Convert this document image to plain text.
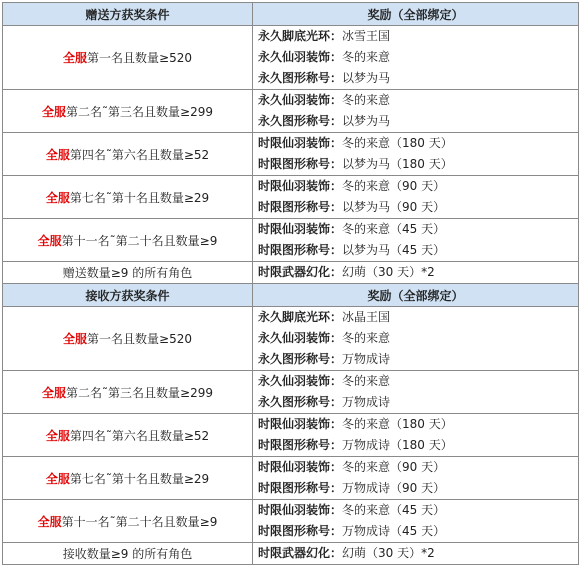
赠送方获奖条件	奖励（全部绑定）
全服第一名且数量≥520	永久脚底光环：冰雪王国
永久仙羽装饰：冬的来意
永久图形称号：以梦为马

全服第二名˜第三名且数量≥299	永久仙羽装饰：冬的来意
永久图形称号：以梦为马

全服第四名˜第六名且数量≥52	时限仙羽装饰：冬的来意（180 天）
时限图形称号：以梦为马（180 天）

全服第七名˜第十名且数量≥29	时限仙羽装饰：冬的来意（90 天）
时限图形称号：以梦为马（90 天）

全服第十一名˜第二十名且数量≥9	时限仙羽装饰：冬的来意（45 天）
时限图形称号：以梦为马（45 天）

赠送数量≥9 的所有角色	时限武器幻化：幻萌（30 天）*2

接收方获奖条件	奖励（全部绑定）
全服第一名且数量≥520	永久脚底光环：冰晶王国
永久仙羽装饰：冬的来意
永久图形称号：万物成诗

全服第二名˜第三名且数量≥299	永久仙羽装饰：冬的来意
永久图形称号：万物成诗

全服第四名˜第六名且数量≥52	时限仙羽装饰：冬的来意（180 天）
时限图形称号：万物成诗（180 天）

全服第七名˜第十名且数量≥29	时限仙羽装饰：冬的来意（90 天）
时限图形称号：万物成诗（90 天）

全服第十一名˜第二十名且数量≥9	时限仙羽装饰：冬的来意（45 天）
时限图形称号：万物成诗（45 天）

接收数量≥9 的所有角色	时限武器幻化：幻萌（30 天）*2
